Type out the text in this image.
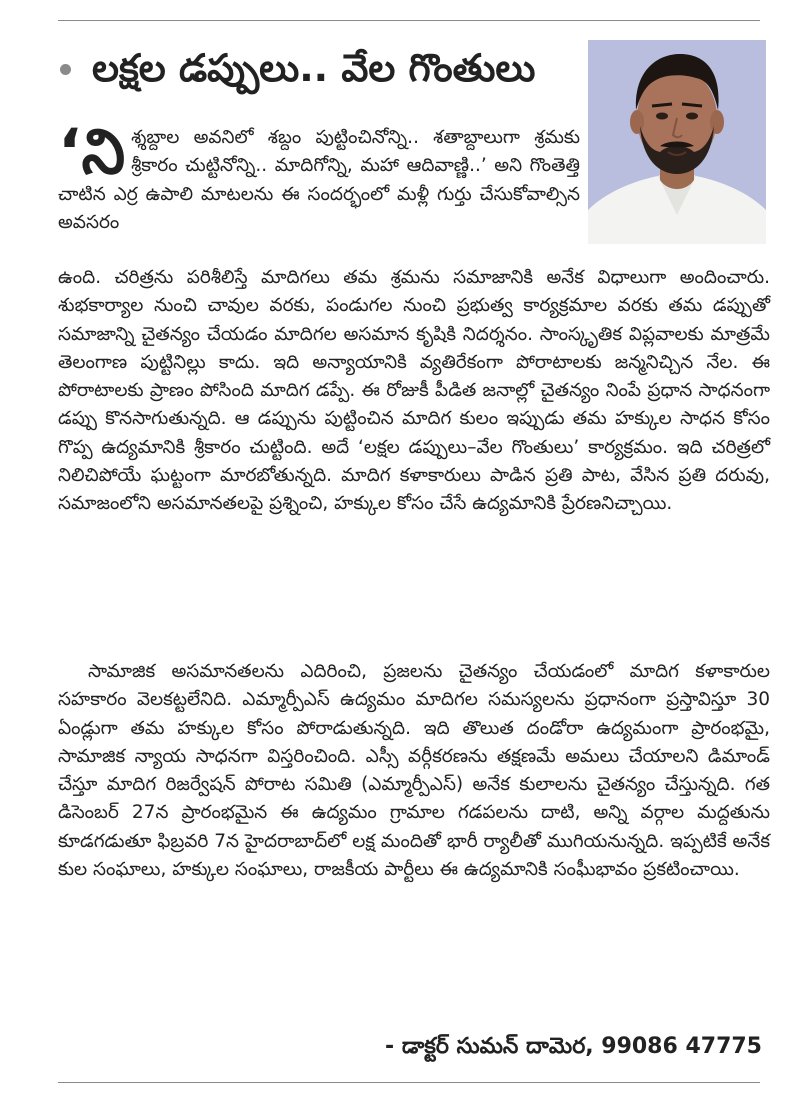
లక్షల డప్పులు.. వేల గొంతులు

‘ని శ్శబ్దాల అవనిలో శబ్దం పుట్టించినోన్ని.. శతాబ్దాలుగా శ్రమకు శ్రీకారం చుట్టినోన్ని.. మాదిగోన్ని, మహా ఆదివాణ్ణి..’ అని గొంతెత్తి చాటిన ఎర్ర ఉపాలి మాటలను ఈ సందర్భంలో మళ్లీ గుర్తు చేసుకోవాల్సిన అవసరం

ఉంది. చరిత్రను పరిశీలిస్తే మాదిగలు తమ శ్రమను సమాజానికి అనేక విధాలుగా అందించారు. శుభకార్యాల నుంచి చావుల వరకు, పండుగల నుంచి ప్రభుత్వ కార్యక్రమాల వరకు తమ డప్పుతో సమాజాన్ని చైతన్యం చేయడం మాదిగల అసమాన కృషికి నిదర్శనం. సాంస్కృతిక విప్లవాలకు మాత్రమే తెలంగాణ పుట్టినిల్లు కాదు. ఇది అన్యాయానికి వ్యతిరేకంగా పోరాటాలకు జన్మనిచ్చిన నేల. ఈ పోరాటాలకు ప్రాణం పోసింది మాదిగ డప్పే. ఈ రోజుకీ పీడిత జనాల్లో చైతన్యం నింపే ప్రధాన సాధనంగా డప్పు కొనసాగుతున్నది. ఆ డప్పును పుట్టించిన మాదిగ కులం ఇప్పుడు తమ హక్కుల సాధన కోసం గొప్ప ఉద్యమానికి శ్రీకారం చుట్టింది. అదే ‘లక్షల డప్పులు–వేల గొంతులు’ కార్యక్రమం. ఇది చరిత్రలో నిలిచిపోయే ఘట్టంగా మారబోతున్నది. మాదిగ కళాకారులు పాడిన ప్రతి పాట, వేసిన ప్రతి దరువు, సమాజంలోని అసమానతలపై ప్రశ్నించి, హక్కుల కోసం చేసే ఉద్యమానికి ప్రేరణనిచ్చాయి.

సామాజిక అసమానతలను ఎదిరించి, ప్రజలను చైతన్యం చేయడంలో మాదిగ కళాకారుల సహకారం వెలకట్టలేనిది. ఎమ్మార్పీఎస్ ఉద్యమం మాదిగల సమస్యలను ప్రధానంగా ప్రస్తావిస్తూ 30 ఏండ్లుగా తమ హక్కుల కోసం పోరాడుతున్నది. ఇది తొలుత దండోరా ఉద్యమంగా ప్రారంభమై, సామాజిక న్యాయ సాధనగా విస్తరించింది. ఎస్సీ వర్గీకరణను తక్షణమే అమలు చేయాలని డిమాండ్ చేస్తూ మాదిగ రిజర్వేషన్ పోరాట సమితి (ఎమ్మార్పీఎస్) అనేక కులాలను చైతన్యం చేస్తున్నది. గత డిసెంబర్ 27న ప్రారంభమైన ఈ ఉద్యమం గ్రామాల గడపలను దాటి, అన్ని వర్గాల మద్దతును కూడగడుతూ ఫిబ్రవరి 7న హైదరాబాద్‌లో లక్ష మందితో భారీ ర్యాలీతో ముగియనున్నది. ఇప్పటికే అనేక కుల సంఘాలు, హక్కుల సంఘాలు, రాజకీయ పార్టీలు ఈ ఉద్యమానికి సంఘీభావం ప్రకటించాయి.

- డాక్టర్ సుమన్ దామెర, 99086 47775
